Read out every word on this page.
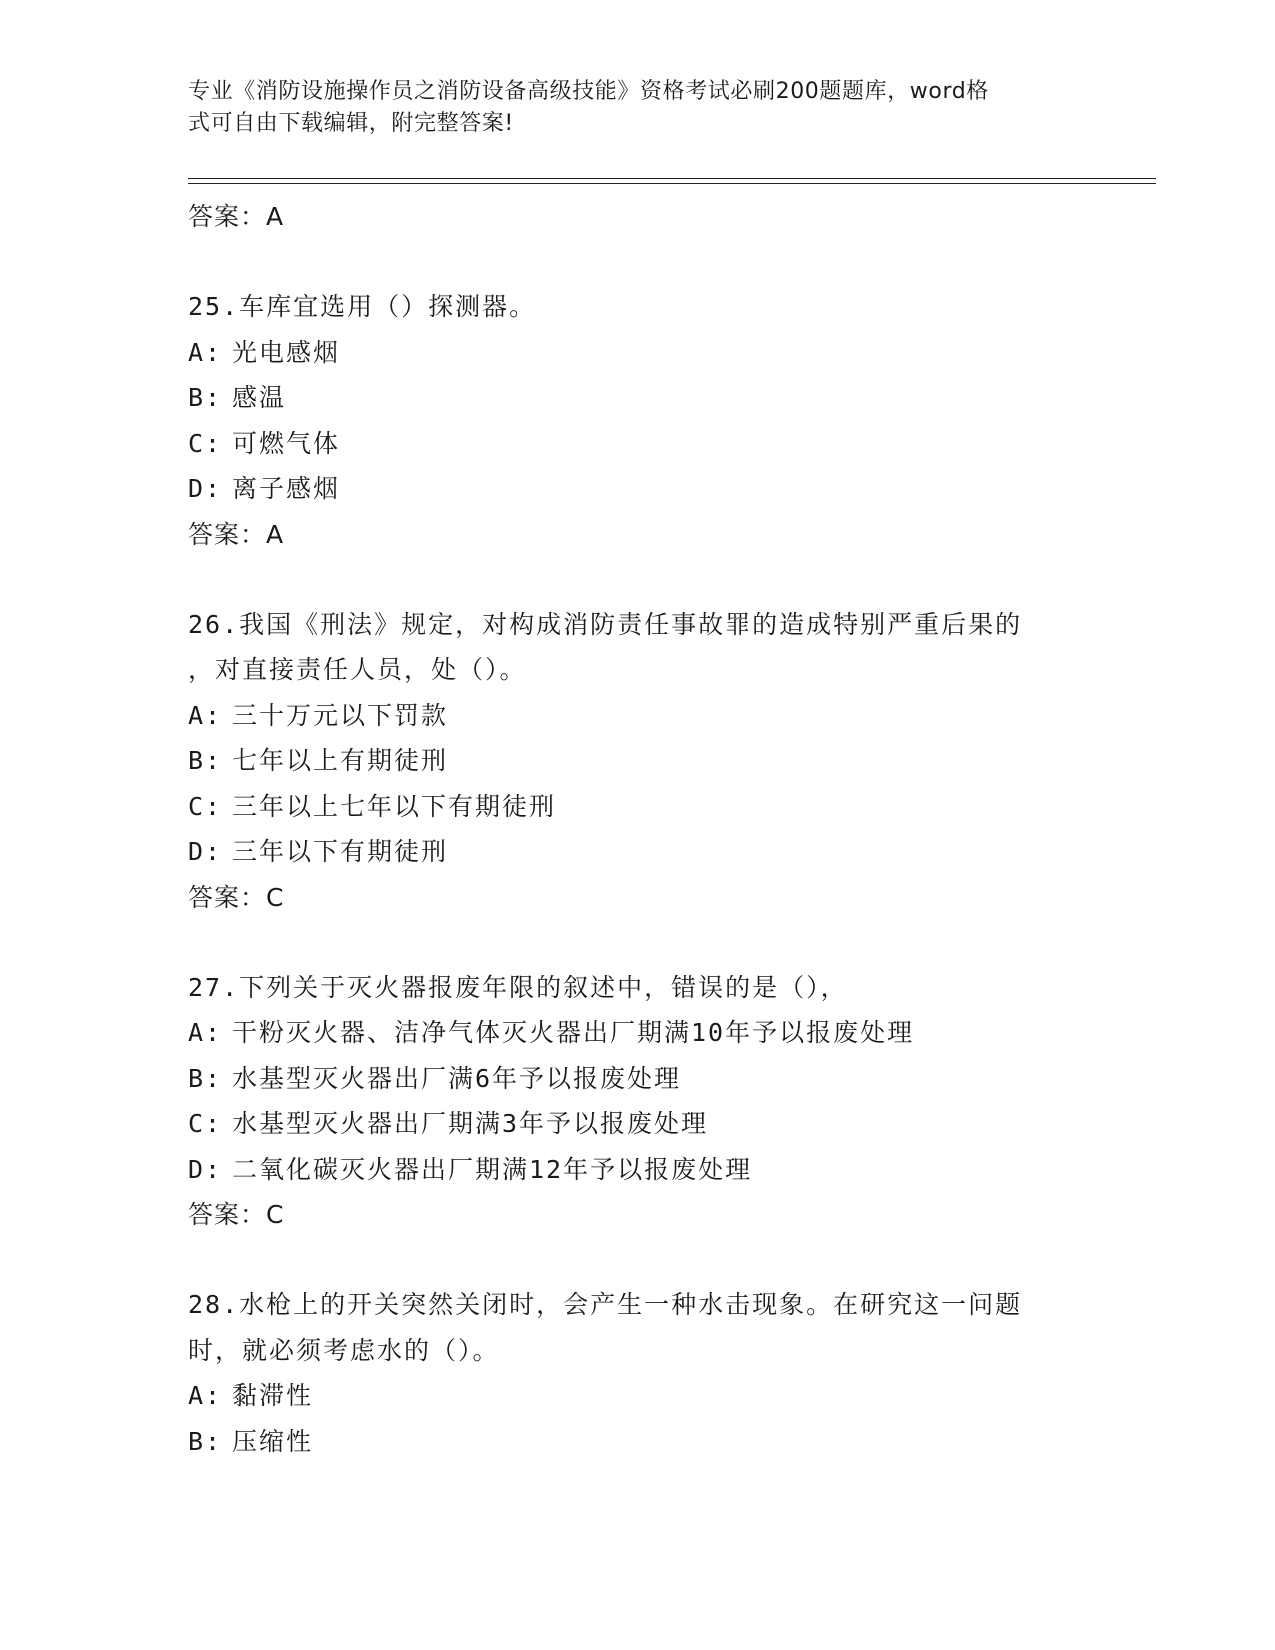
专业《消防设施操作员之消防设备高级技能》资格考试必刷200题题库，word格
式可自由下载编辑，附完整答案!
答案：A
25.车库宜选用（）探测器。
A: 光电感烟
B: 感温
C: 可燃气体
D: 离子感烟
答案：A
26.我国《刑法》规定，对构成消防责任事故罪的造成特别严重后果的
，对直接责任人员，处（）。
A: 三十万元以下罚款
B: 七年以上有期徒刑
C: 三年以上七年以下有期徒刑
D: 三年以下有期徒刑
答案：C
27.下列关于灭火器报废年限的叙述中，错误的是（），
A: 干粉灭火器、洁净气体灭火器出厂期满10年予以报废处理
B: 水基型灭火器出厂满6年予以报废处理
C: 水基型灭火器出厂期满3年予以报废处理
D: 二氧化碳灭火器出厂期满12年予以报废处理
答案：C
28.水枪上的开关突然关闭时，会产生一种水击现象。在研究这一问题
时，就必须考虑水的（）。
A: 黏滞性
B: 压缩性
